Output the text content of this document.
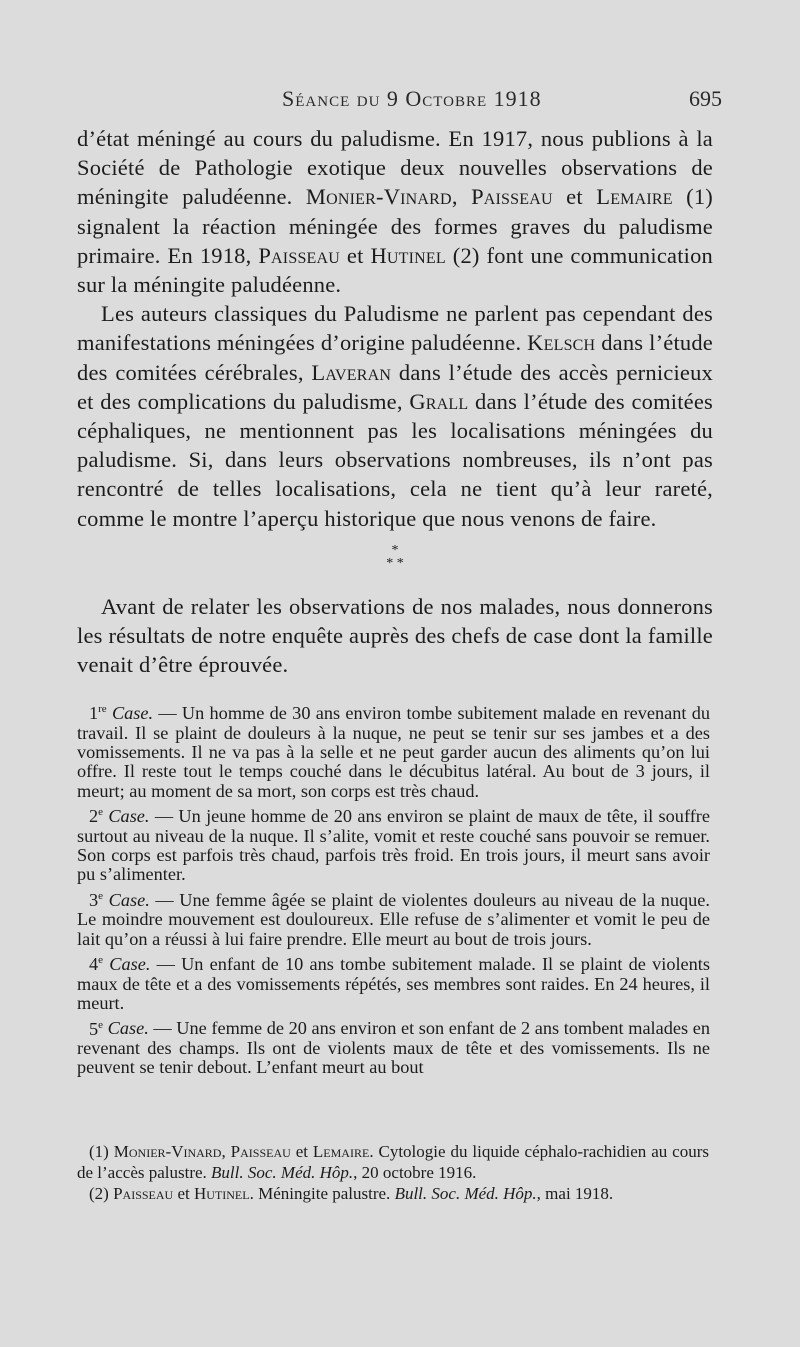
Séance du 9 Octobre 1918	695

d’état méningé au cours du paludisme. En 1917, nous publions à la Société de Pathologie exotique deux nouvelles observations de méningite paludéenne. Monier-Vinard, Paisseau et Lemaire (1) signalent la réaction méningée des formes graves du paludisme primaire. En 1918, Paisseau et Hutinel (2) font une communication sur la méningite paludéenne.

Les auteurs classiques du Paludisme ne parlent pas cependant des manifestations méningées d’origine paludéenne. Kelsch dans l’étude des comitées cérébrales, Laveran dans l’étude des accès pernicieux et des complications du paludisme, Grall dans l’étude des comitées céphaliques, ne mentionnent pas les localisations méningées du paludisme. Si, dans leurs observations nombreuses, ils n’ont pas rencontré de telles localisations, cela ne tient qu’à leur rareté, comme le montre l’aperçu historique que nous venons de faire.

*
* *

Avant de relater les observations de nos malades, nous donnerons les résultats de notre enquête auprès des chefs de case dont la famille venait d’être éprouvée.

1re Case. — Un homme de 30 ans environ tombe subitement malade en revenant du travail. Il se plaint de douleurs à la nuque, ne peut se tenir sur ses jambes et a des vomissements. Il ne va pas à la selle et ne peut garder aucun des aliments qu’on lui offre. Il reste tout le temps couché dans le décubitus latéral. Au bout de 3 jours, il meurt; au moment de sa mort, son corps est très chaud.

2e Case. — Un jeune homme de 20 ans environ se plaint de maux de tête, il souffre surtout au niveau de la nuque. Il s’alite, vomit et reste couché sans pouvoir se remuer. Son corps est parfois très chaud, parfois très froid. En trois jours, il meurt sans avoir pu s’alimenter.

3e Case. — Une femme âgée se plaint de violentes douleurs au niveau de la nuque. Le moindre mouvement est douloureux. Elle refuse de s’alimenter et vomit le peu de lait qu’on a réussi à lui faire prendre. Elle meurt au bout de trois jours.

4e Case. — Un enfant de 10 ans tombe subitement malade. Il se plaint de violents maux de tête et a des vomissements répétés, ses membres sont raides. En 24 heures, il meurt.

5e Case. — Une femme de 20 ans environ et son enfant de 2 ans tombent malades en revenant des champs. Ils ont de violents maux de tête et des vomissements. Ils ne peuvent se tenir debout. L’enfant meurt au bout

(1) Monier-Vinard, Paisseau et Lemaire. Cytologie du liquide céphalo-rachidien au cours de l’accès palustre. Bull. Soc. Méd. Hôp., 20 octobre 1916.

(2) Paisseau et Hutinel. Méningite palustre. Bull. Soc. Méd. Hôp., mai 1918.
